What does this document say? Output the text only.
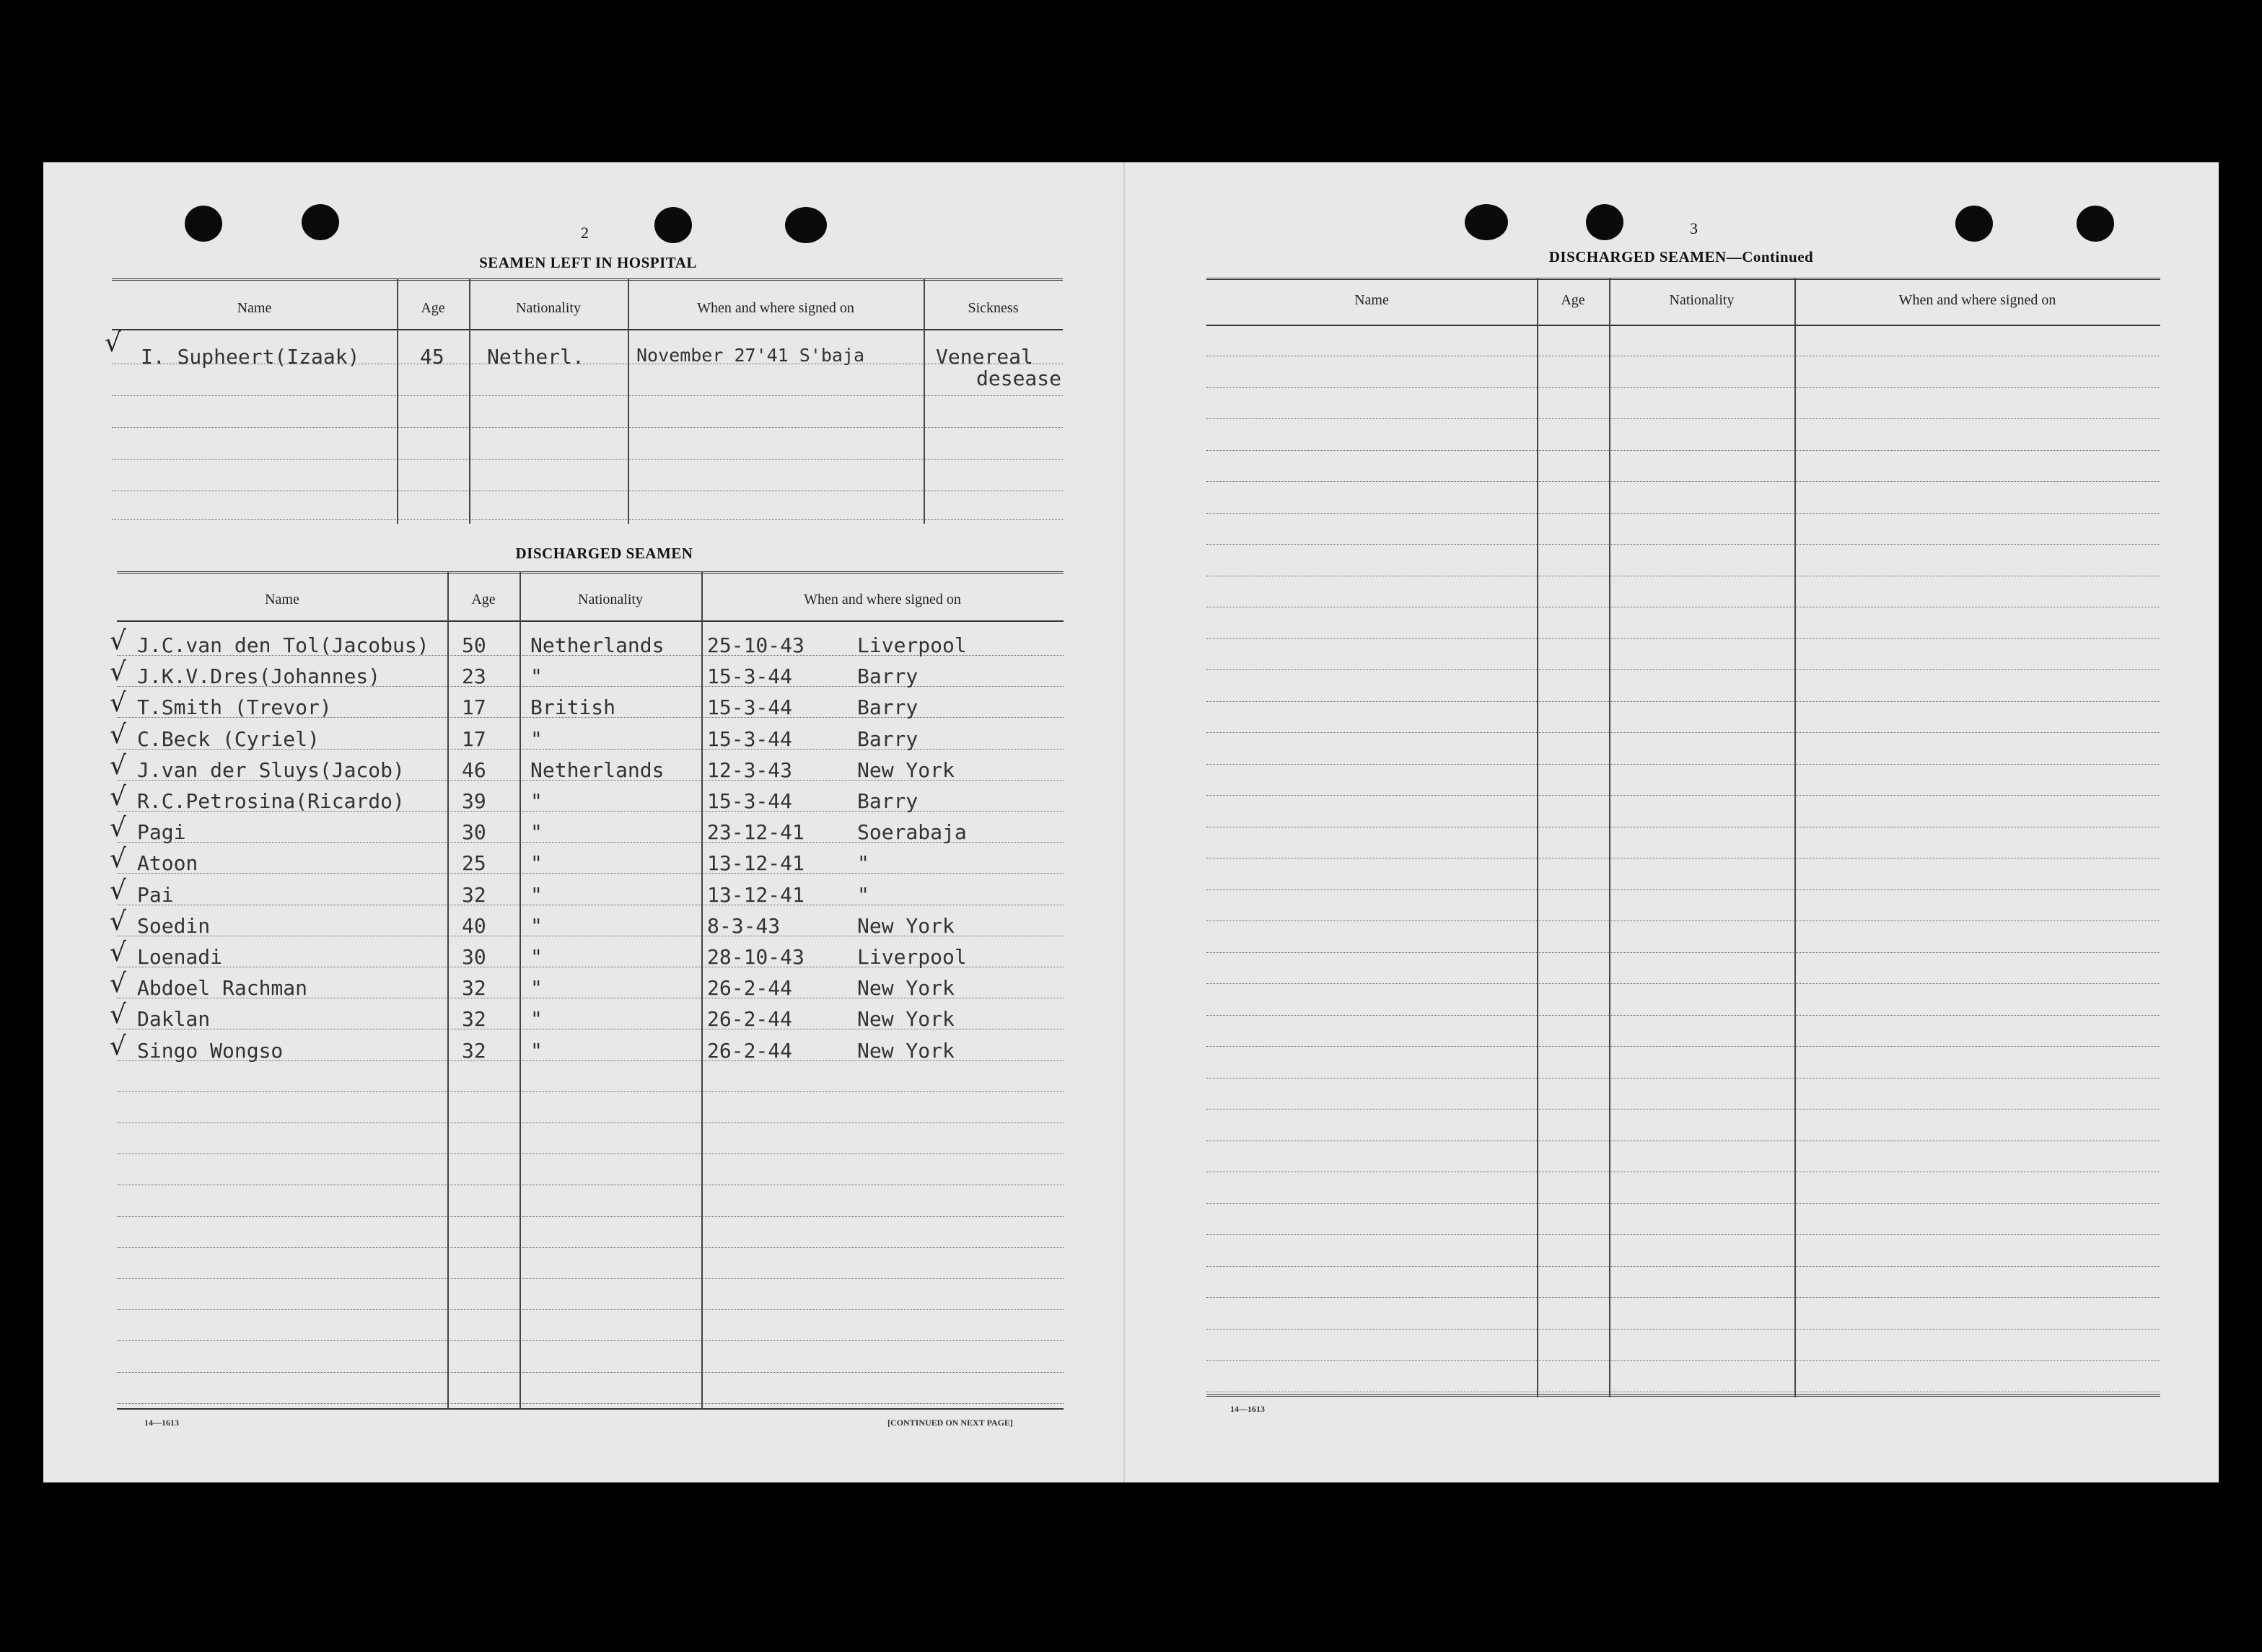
2
SEAMEN LEFT IN HOSPITAL
Name	Age	Nationality	When and where signed on	Sickness
√ I. Supheert(Izaak)	45 Netherl.	November 27'41 S'baja	Venereal
desease
DISCHARGED SEAMEN
Name	Age	Nationality	When and where signed on
√ J.C.van den Tol(Jacobus) 50 Netherlands 25-10-43	Liverpool
√ J.K.V.Dres(Johannes)	23 "	15-3-44	Barry
√ T.Smith (Trevor)	17 British	15-3-44	Barry
√ C.Beck (Cyriel)	17 "	15-3-44	Barry
√ J.van der Sluys(Jacob)	46 Netherlands 12-3-43	New York
√ R.C.Petrosina(Ricardo)	39 "	15-3-44	Barry
√ Pagi	30 "	23-12-41	Soerabaja
√ Atoon	25 "	13-12-41	"
√ Pai	32 "	13-12-41	"
√ Soedin	40 "	8-3-43	New York
√ Loenadi	30 "	28-10-43	Liverpool
√ Abdoel Rachman	32 "	26-2-44	New York
√ Daklan	32 "	26-2-44	New York
√ Singo Wongso	32 "	26-2-44	New York
14—1613	[CONTINUED ON NEXT PAGE]
3
DISCHARGED SEAMEN—Continued
Name	Age	Nationality	When and where signed on
14—1613
